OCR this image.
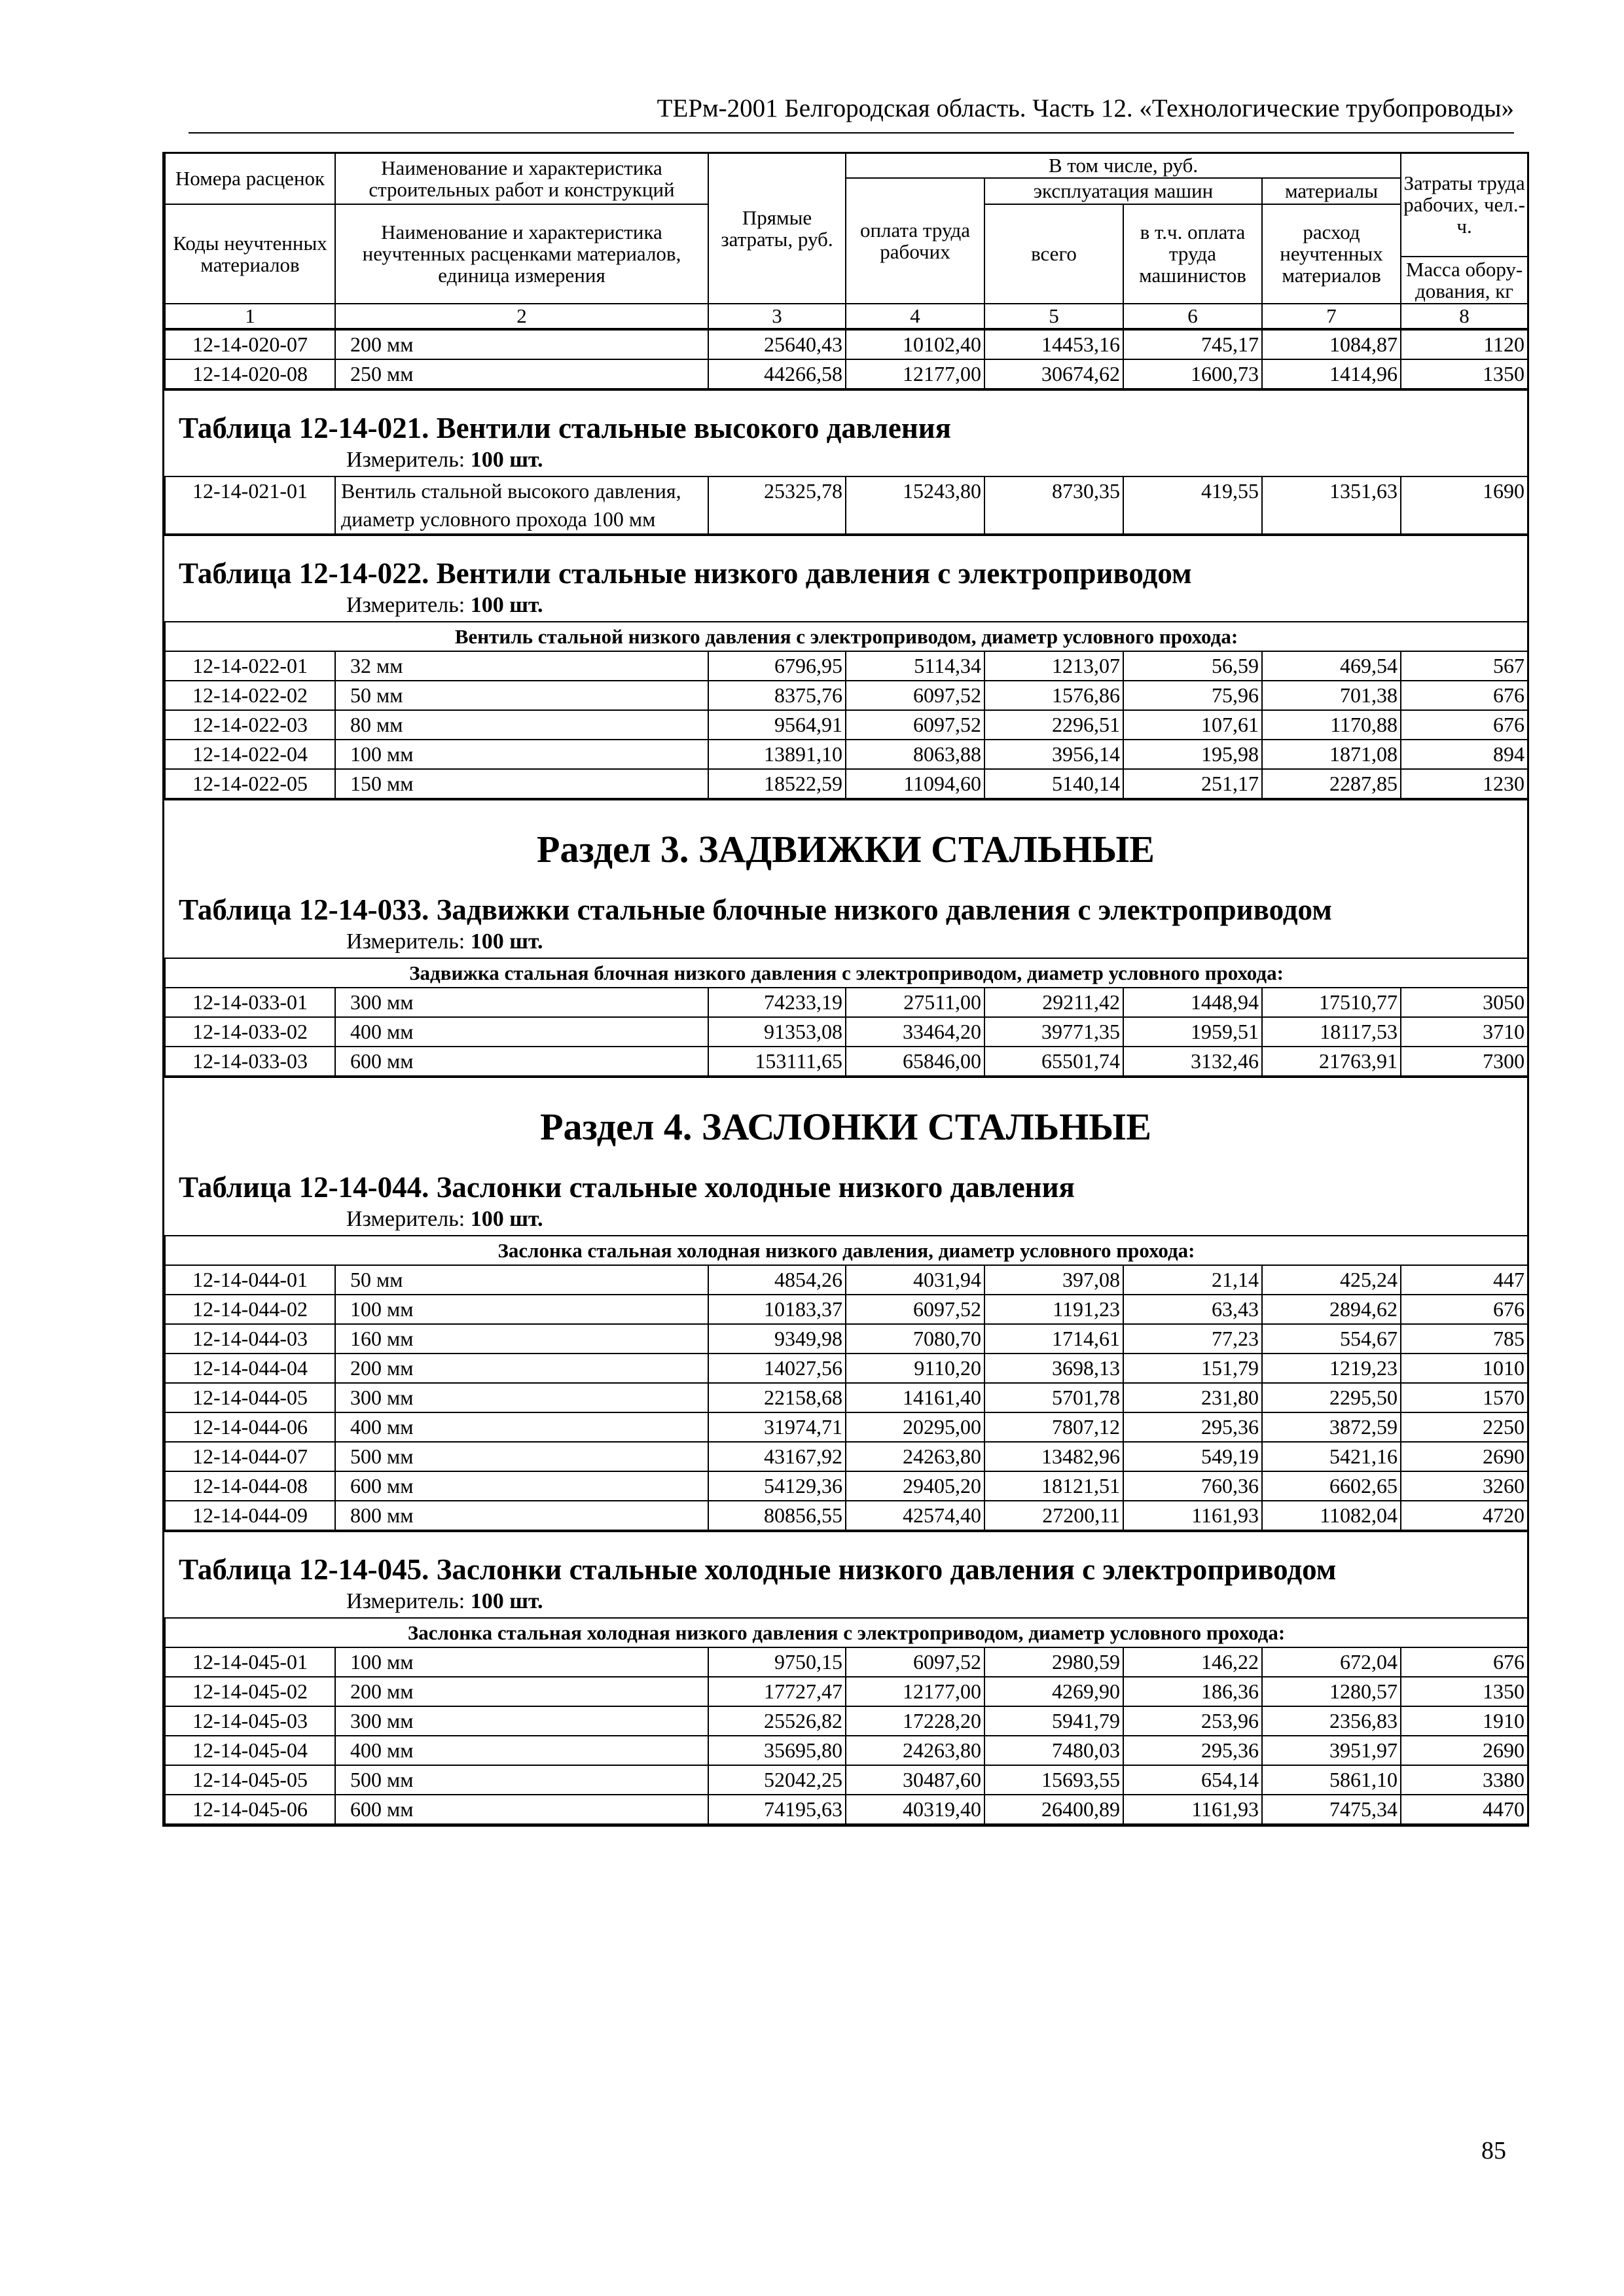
ТЕРм-2001 Белгородская область. Часть 12. «Технологические трубопроводы»
Номера расценок	Наименование и характеристика строительных работ и конструкций	Прямые затраты, руб.	В том числе, руб.				Затраты труда рабочих, чел.-ч.
			оплата труда рабочих	эксплуатация машин		материалы	
Коды неучтенных материалов	Наименование и характеристика неучтенных расценками материалов, единица измерения			всего	в т.ч. оплата труда машинистов	расход неучтенных материалов	
							Масса обору-дования, кг
1	2	3	4	5	6	7	8
12-14-020-07	200 мм	25640,43	10102,40	14453,16	745,17	1084,87	1120
12-14-020-08	250 мм	44266,58	12177,00	30674,62	1600,73	1414,96	1350
Таблица 12-14-021. Вентили стальные высокого давления
Измеритель: 100 шт.
12-14-021-01	Вентиль стальной высокого давления, диаметр условного прохода 100 мм	25325,78	15243,80	8730,35	419,55	1351,63	1690
Таблица 12-14-022. Вентили стальные низкого давления с электроприводом
Измеритель: 100 шт.
Вентиль стальной низкого давления с электроприводом, диаметр условного прохода:							
12-14-022-01	32 мм	6796,95	5114,34	1213,07	56,59	469,54	567
12-14-022-02	50 мм	8375,76	6097,52	1576,86	75,96	701,38	676
12-14-022-03	80 мм	9564,91	6097,52	2296,51	107,61	1170,88	676
12-14-022-04	100 мм	13891,10	8063,88	3956,14	195,98	1871,08	894
12-14-022-05	150 мм	18522,59	11094,60	5140,14	251,17	2287,85	1230
Раздел 3. ЗАДВИЖКИ СТАЛЬНЫЕ
Таблица 12-14-033. Задвижки стальные блочные низкого давления с электроприводом
Измеритель: 100 шт.
Задвижка стальная блочная низкого давления с электроприводом, диаметр условного прохода:							
12-14-033-01	300 мм	74233,19	27511,00	29211,42	1448,94	17510,77	3050
12-14-033-02	400 мм	91353,08	33464,20	39771,35	1959,51	18117,53	3710
12-14-033-03	600 мм	153111,65	65846,00	65501,74	3132,46	21763,91	7300
Раздел 4. ЗАСЛОНКИ СТАЛЬНЫЕ
Таблица 12-14-044. Заслонки стальные холодные низкого давления
Измеритель: 100 шт.
Заслонка стальная холодная низкого давления, диаметр условного прохода:							
12-14-044-01	50 мм	4854,26	4031,94	397,08	21,14	425,24	447
12-14-044-02	100 мм	10183,37	6097,52	1191,23	63,43	2894,62	676
12-14-044-03	160 мм	9349,98	7080,70	1714,61	77,23	554,67	785
12-14-044-04	200 мм	14027,56	9110,20	3698,13	151,79	1219,23	1010
12-14-044-05	300 мм	22158,68	14161,40	5701,78	231,80	2295,50	1570
12-14-044-06	400 мм	31974,71	20295,00	7807,12	295,36	3872,59	2250
12-14-044-07	500 мм	43167,92	24263,80	13482,96	549,19	5421,16	2690
12-14-044-08	600 мм	54129,36	29405,20	18121,51	760,36	6602,65	3260
12-14-044-09	800 мм	80856,55	42574,40	27200,11	1161,93	11082,04	4720
Таблица 12-14-045. Заслонки стальные холодные низкого давления с электроприводом
Измеритель: 100 шт.
Заслонка стальная холодная низкого давления с электроприводом, диаметр условного прохода:							
12-14-045-01	100 мм	9750,15	6097,52	2980,59	146,22	672,04	676
12-14-045-02	200 мм	17727,47	12177,00	4269,90	186,36	1280,57	1350
12-14-045-03	300 мм	25526,82	17228,20	5941,79	253,96	2356,83	1910
12-14-045-04	400 мм	35695,80	24263,80	7480,03	295,36	3951,97	2690
12-14-045-05	500 мм	52042,25	30487,60	15693,55	654,14	5861,10	3380
12-14-045-06	600 мм	74195,63	40319,40	26400,89	1161,93	7475,34	4470
85
